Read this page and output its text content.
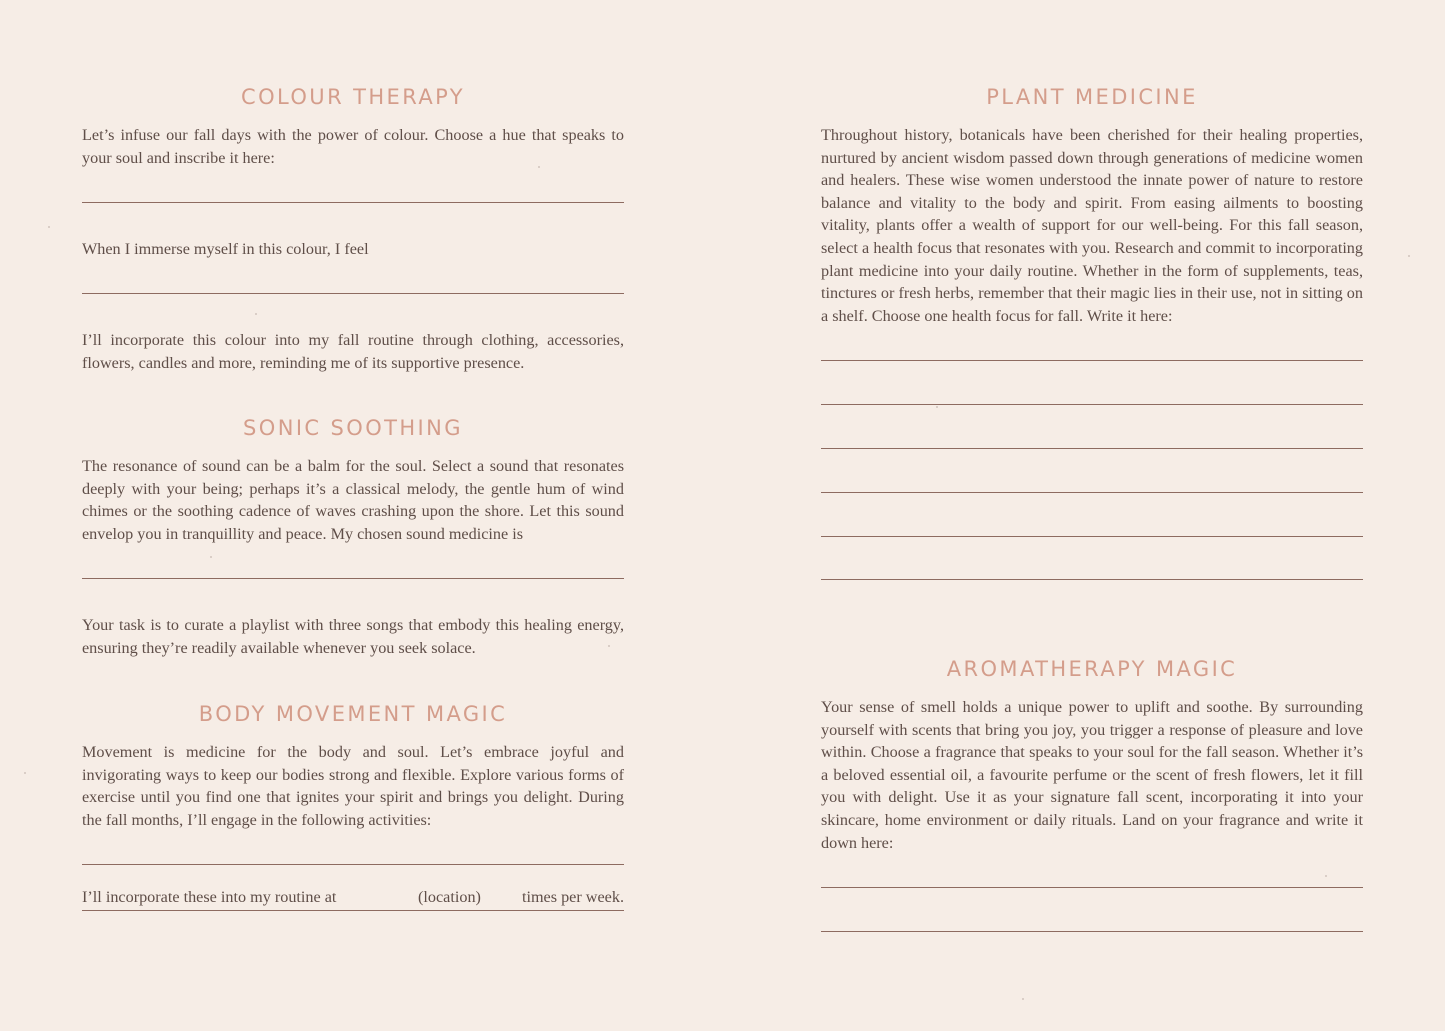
COLOUR THERAPY

Let’s infuse our fall days with the power of colour. Choose a hue that speaks to your soul and inscribe it here:

When I immerse myself in this colour, I feel

I’ll incorporate this colour into my fall routine through clothing, accessories, flowers, candles and more, reminding me of its supportive presence.

SONIC SOOTHING

The resonance of sound can be a balm for the soul. Select a sound that resonates deeply with your being; perhaps it’s a classical melody, the gentle hum of wind chimes or the soothing cadence of waves crashing upon the shore. Let this sound envelop you in tranquillity and peace. My chosen sound medicine is

Your task is to curate a playlist with three songs that embody this healing energy, ensuring they’re readily available whenever you seek solace.

BODY MOVEMENT MAGIC

Movement is medicine for the body and soul. Let’s embrace joyful and invigorating ways to keep our bodies strong and flexible. Explore various forms of exercise until you find one that ignites your spirit and brings you delight. During the fall months, I’ll engage in the following activities:

I’ll incorporate these into my routine at	(location)	times per week.
PLANT MEDICINE

Throughout history, botanicals have been cherished for their healing properties, nurtured by ancient wisdom passed down through generations of medicine women and healers. These wise women understood the innate power of nature to restore balance and vitality to the body and spirit. From easing ailments to boosting vitality, plants offer a wealth of support for our well-being. For this fall season, select a health focus that resonates with you. Research and commit to incorporating plant medicine into your daily routine. Whether in the form of supplements, teas, tinctures or fresh herbs, remember that their magic lies in their use, not in sitting on a shelf. Choose one health focus for fall. Write it here:

AROMATHERAPY MAGIC

Your sense of smell holds a unique power to uplift and soothe. By surrounding yourself with scents that bring you joy, you trigger a response of pleasure and love within. Choose a fragrance that speaks to your soul for the fall season. Whether it’s a beloved essential oil, a favourite perfume or the scent of fresh flowers, let it fill you with delight. Use it as your signature fall scent, incorporating it into your skincare, home environment or daily rituals. Land on your fragrance and write it down here:
